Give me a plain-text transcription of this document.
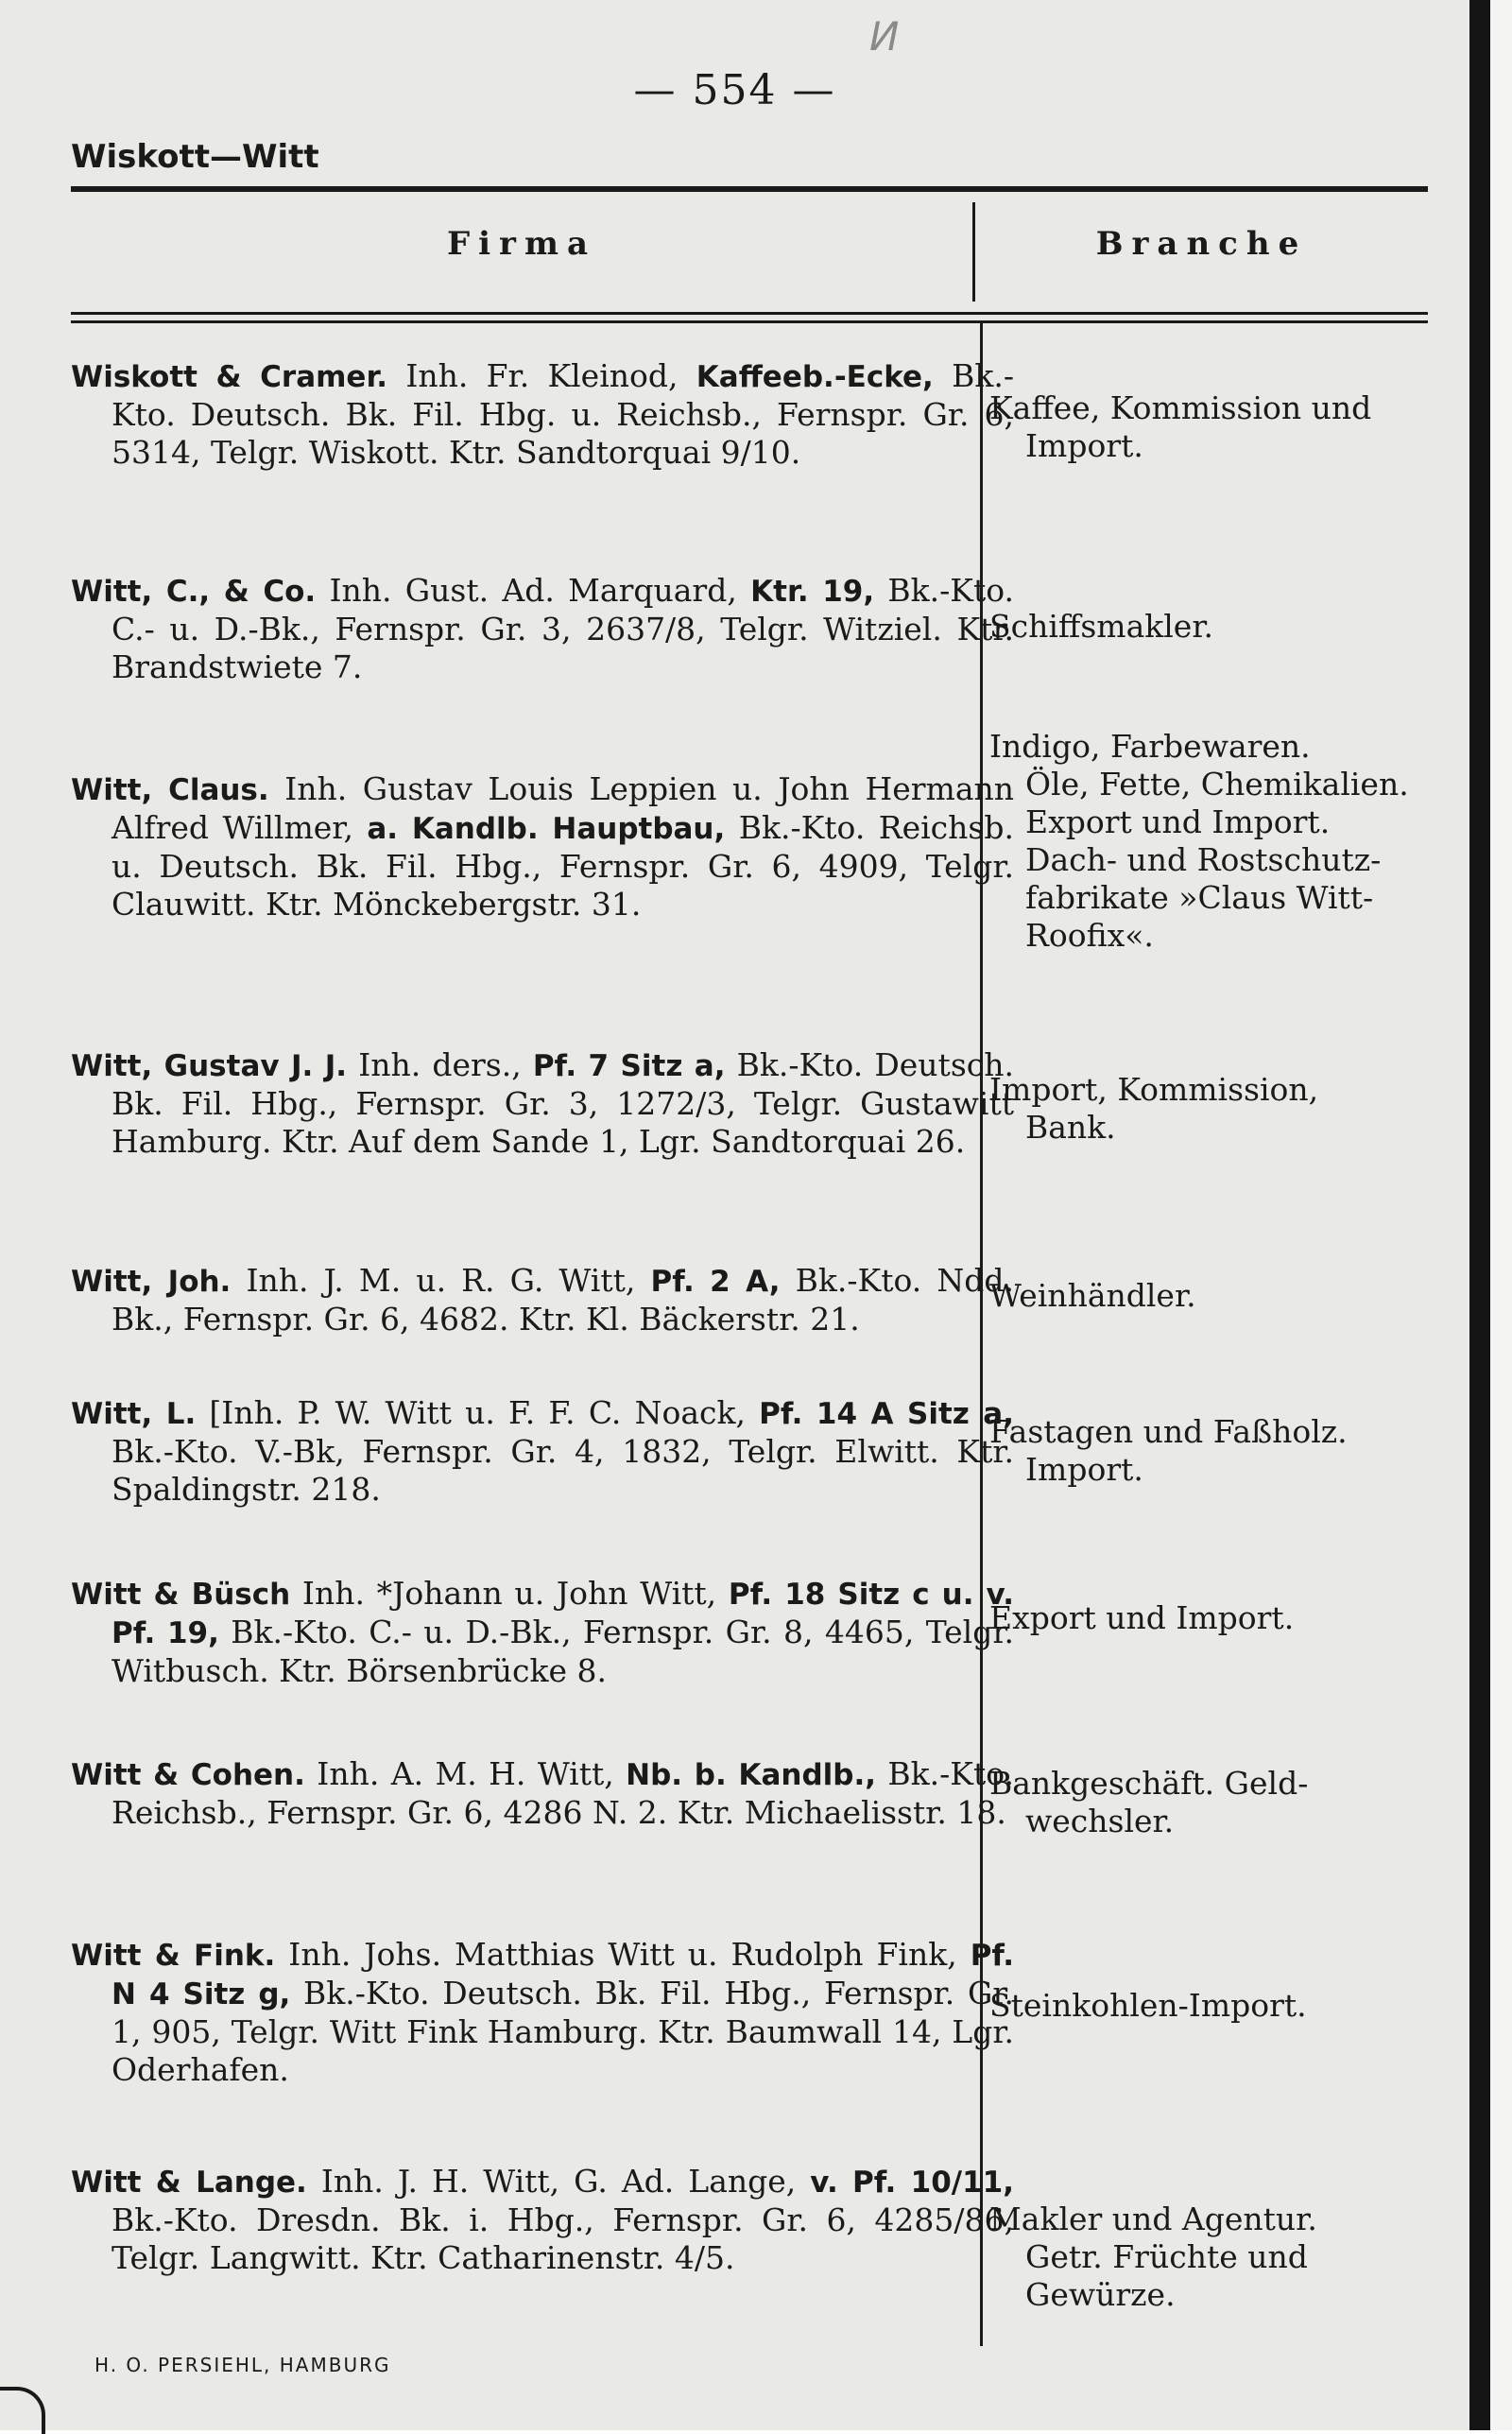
И
— 554 —
Wiskott—Witt
Firma	Branche
Wiskott & Cramer. Inh. Fr. Kleinod, Kaffeeb.-Ecke, Bk.-Kto. Deutsch. Bk. Fil. Hbg. u. Reichsb., Fernspr. Gr. 6, 5314, Telgr. Wiskott. Ktr. Sandtorquai 9/10.
Kaffee, Kommission und
Import.
Witt, C., & Co. Inh. Gust. Ad. Marquard, Ktr. 19, Bk.-Kto. C.- u. D.-Bk., Fernspr. Gr. 3, 2637/8, Telgr. Witziel. Ktr. Brandstwiete 7.
Schiffsmakler.
Witt, Claus. Inh. Gustav Louis Leppien u. John Hermann Alfred Willmer, a. Kandlb. Hauptbau, Bk.-Kto. Reichsb. u. Deutsch. Bk. Fil. Hbg., Fernspr. Gr. 6, 4909, Telgr. Clauwitt. Ktr. Mönckebergstr. 31.
Indigo, Farbewaren.
Öle, Fette, Chemikalien.
Export und Import.
Dach- und Rostschutz-
fabrikate »Claus Witt-
Roofix«.
Witt, Gustav J. J. Inh. ders., Pf. 7 Sitz a, Bk.-Kto. Deutsch. Bk. Fil. Hbg., Fernspr. Gr. 3, 1272/3, Telgr. Gustawitt Hamburg. Ktr. Auf dem Sande 1, Lgr. Sandtorquai 26.
Import, Kommission,
Bank.
Witt, Joh. Inh. J. M. u. R. G. Witt, Pf. 2 A, Bk.-Kto. Ndd. Bk., Fernspr. Gr. 6, 4682. Ktr. Kl. Bäckerstr. 21.
Weinhändler.
Witt, L. [Inh. P. W. Witt u. F. F. C. Noack, Pf. 14 A Sitz a, Bk.-Kto. V.-Bk, Fernspr. Gr. 4, 1832, Telgr. Elwitt. Ktr. Spaldingstr. 218.
Fastagen und Faßholz.
Import.
Witt & Büsch Inh. *Johann u. John Witt, Pf. 18 Sitz c u. v. Pf. 19, Bk.-Kto. C.- u. D.-Bk., Fernspr. Gr. 8, 4465, Telgr. Witbusch. Ktr. Börsenbrücke 8.
Export und Import.
Witt & Cohen. Inh. A. M. H. Witt, Nb. b. Kandlb., Bk.-Kto. Reichsb., Fernspr. Gr. 6, 4286 N. 2. Ktr. Michaelisstr. 18.
Bankgeschäft. Geld-
wechsler.
Witt & Fink. Inh. Johs. Matthias Witt u. Rudolph Fink, Pf. N 4 Sitz g, Bk.-Kto. Deutsch. Bk. Fil. Hbg., Fernspr. Gr. 1, 905, Telgr. Witt Fink Hamburg. Ktr. Baumwall 14, Lgr. Oderhafen.
Steinkohlen-Import.
Witt & Lange. Inh. J. H. Witt, G. Ad. Lange, v. Pf. 10/11, Bk.-Kto. Dresdn. Bk. i. Hbg., Fernspr. Gr. 6, 4285/86, Telgr. Langwitt. Ktr. Catharinenstr. 4/5.
Makler und Agentur.
Getr. Früchte und
Gewürze.
H. O. PERSIEHL, HAMBURG
